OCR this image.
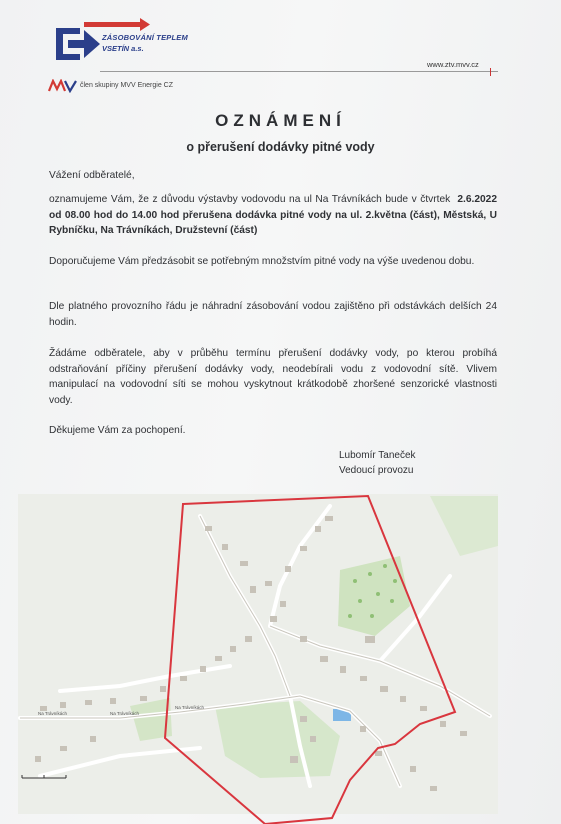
ZÁSOBOVÁNÍ TEPLEM
VSETÍN a.s.
www.ztv.mvv.cz
člen skupiny MVV Energie CZ
OZNÁMENÍ
o přerušení dodávky pitné vody
Vážení odběratelé,
oznamujeme Vám, že z důvodu výstavby vodovodu na ul Na Trávníkách bude v čtvrtek 2.6.2022 od 08.00 hod do 14.00 hod přerušena dodávka pitné vody na ul. 2.května (část), Městská, U Rybníčku, Na Trávníkách, Družstevní (část)
Doporučujeme Vám předzásobit se potřebným množstvím pitné vody na výše uvedenou dobu.
Dle platného provozního řádu je náhradní zásobování vodou zajištěno při odstávkách delších 24 hodin.
Žádáme odběratele, aby v průběhu termínu přerušení dodávky vody, po kterou probíhá odstraňování příčiny přerušení dodávky vody, neodebírali vodu z vodovodní sítě. Vlivem manipulací na vodovodní síti se mohou vyskytnout krátkodobě zhoršené senzorické vlastnosti vody.
Děkujeme Vám za pochopení.
Lubomír Taneček
Vedoucí provozu
Na Trávníkách	Na Trávníkách
Na Trávníkách
